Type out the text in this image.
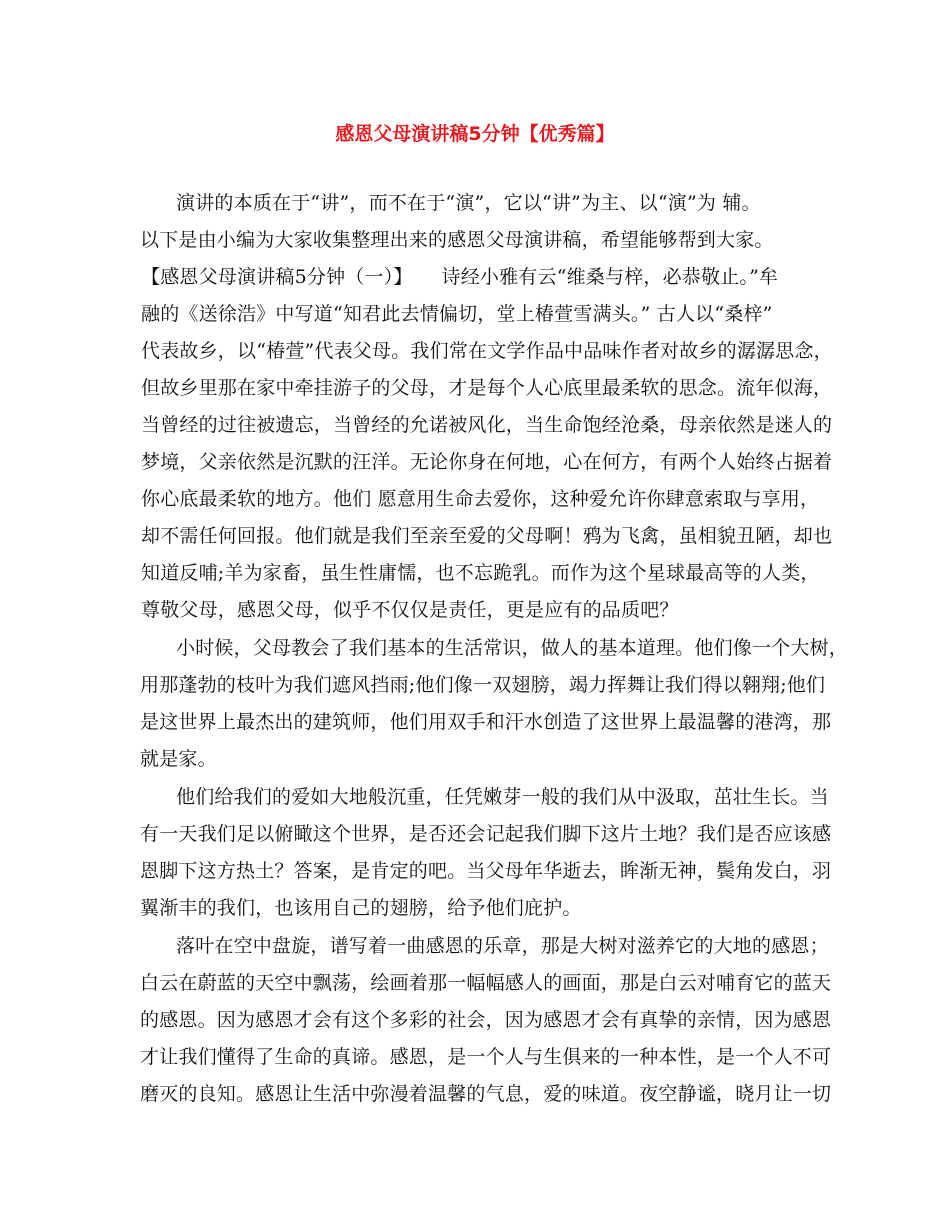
感恩父母演讲稿5分钟【优秀篇】

演讲的本质在于“讲”，而不在于“演”，它以“讲”为主、以“演”为 辅。

以下是由小编为大家收集整理出来的感恩父母演讲稿，希望能够帮到大家。

【感恩父母演讲稿5分钟（一）】　　诗经小雅有云“维桑与梓，必恭敬止。”牟

融的《送徐浩》中写道“知君此去情偏切，堂上椿萱雪满头。” 古人以“桑梓”

代表故乡，以“椿萱”代表父母。我们常在文学作品中品味作者对故乡的潺潺思念，

但故乡里那在家中牵挂游子的父母，才是每个人心底里最柔软的思念。流年似海，

当曾经的过往被遗忘，当曾经的允诺被风化，当生命饱经沧桑，母亲依然是迷人的

梦境，父亲依然是沉默的汪洋。无论你身在何地，心在何方，有两个人始终占据着

你心底最柔软的地方。他们 愿意用生命去爱你，这种爱允许你肆意索取与享用，

却不需任何回报。他们就是我们至亲至爱的父母啊！鸦为飞禽，虽相貌丑陋，却也

知道反哺;羊为家畜，虽生性庸懦，也不忘跪乳。而作为这个星球最高等的人类，

尊敬父母，感恩父母，似乎不仅仅是责任，更是应有的品质吧？

小时候，父母教会了我们基本的生活常识，做人的基本道理。他们像一个大树，

用那蓬勃的枝叶为我们遮风挡雨;他们像一双翅膀，竭力挥舞让我们得以翱翔;他们

是这世界上最杰出的建筑师，他们用双手和汗水创造了这世界上最温馨的港湾，那

就是家。

他们给我们的爱如大地般沉重，任凭嫩芽一般的我们从中汲取，茁壮生长。当

有一天我们足以俯瞰这个世界，是否还会记起我们脚下这片土地？我们是否应该感

恩脚下这方热土？答案，是肯定的吧。当父母年华逝去，眸渐无神，鬓角发白，羽

翼渐丰的我们，也该用自己的翅膀，给予他们庇护。

落叶在空中盘旋，谱写着一曲感恩的乐章，那是大树对滋养它的大地的感恩；

白云在蔚蓝的天空中飘荡，绘画着那一幅幅感人的画面，那是白云对哺育它的蓝天

的感恩。因为感恩才会有这个多彩的社会，因为感恩才会有真挚的亲情，因为感恩

才让我们懂得了生命的真谛。感恩，是一个人与生俱来的一种本性，是一个人不可

磨灭的良知。感恩让生活中弥漫着温馨的气息，爱的味道。夜空静谧，晓月让一切
